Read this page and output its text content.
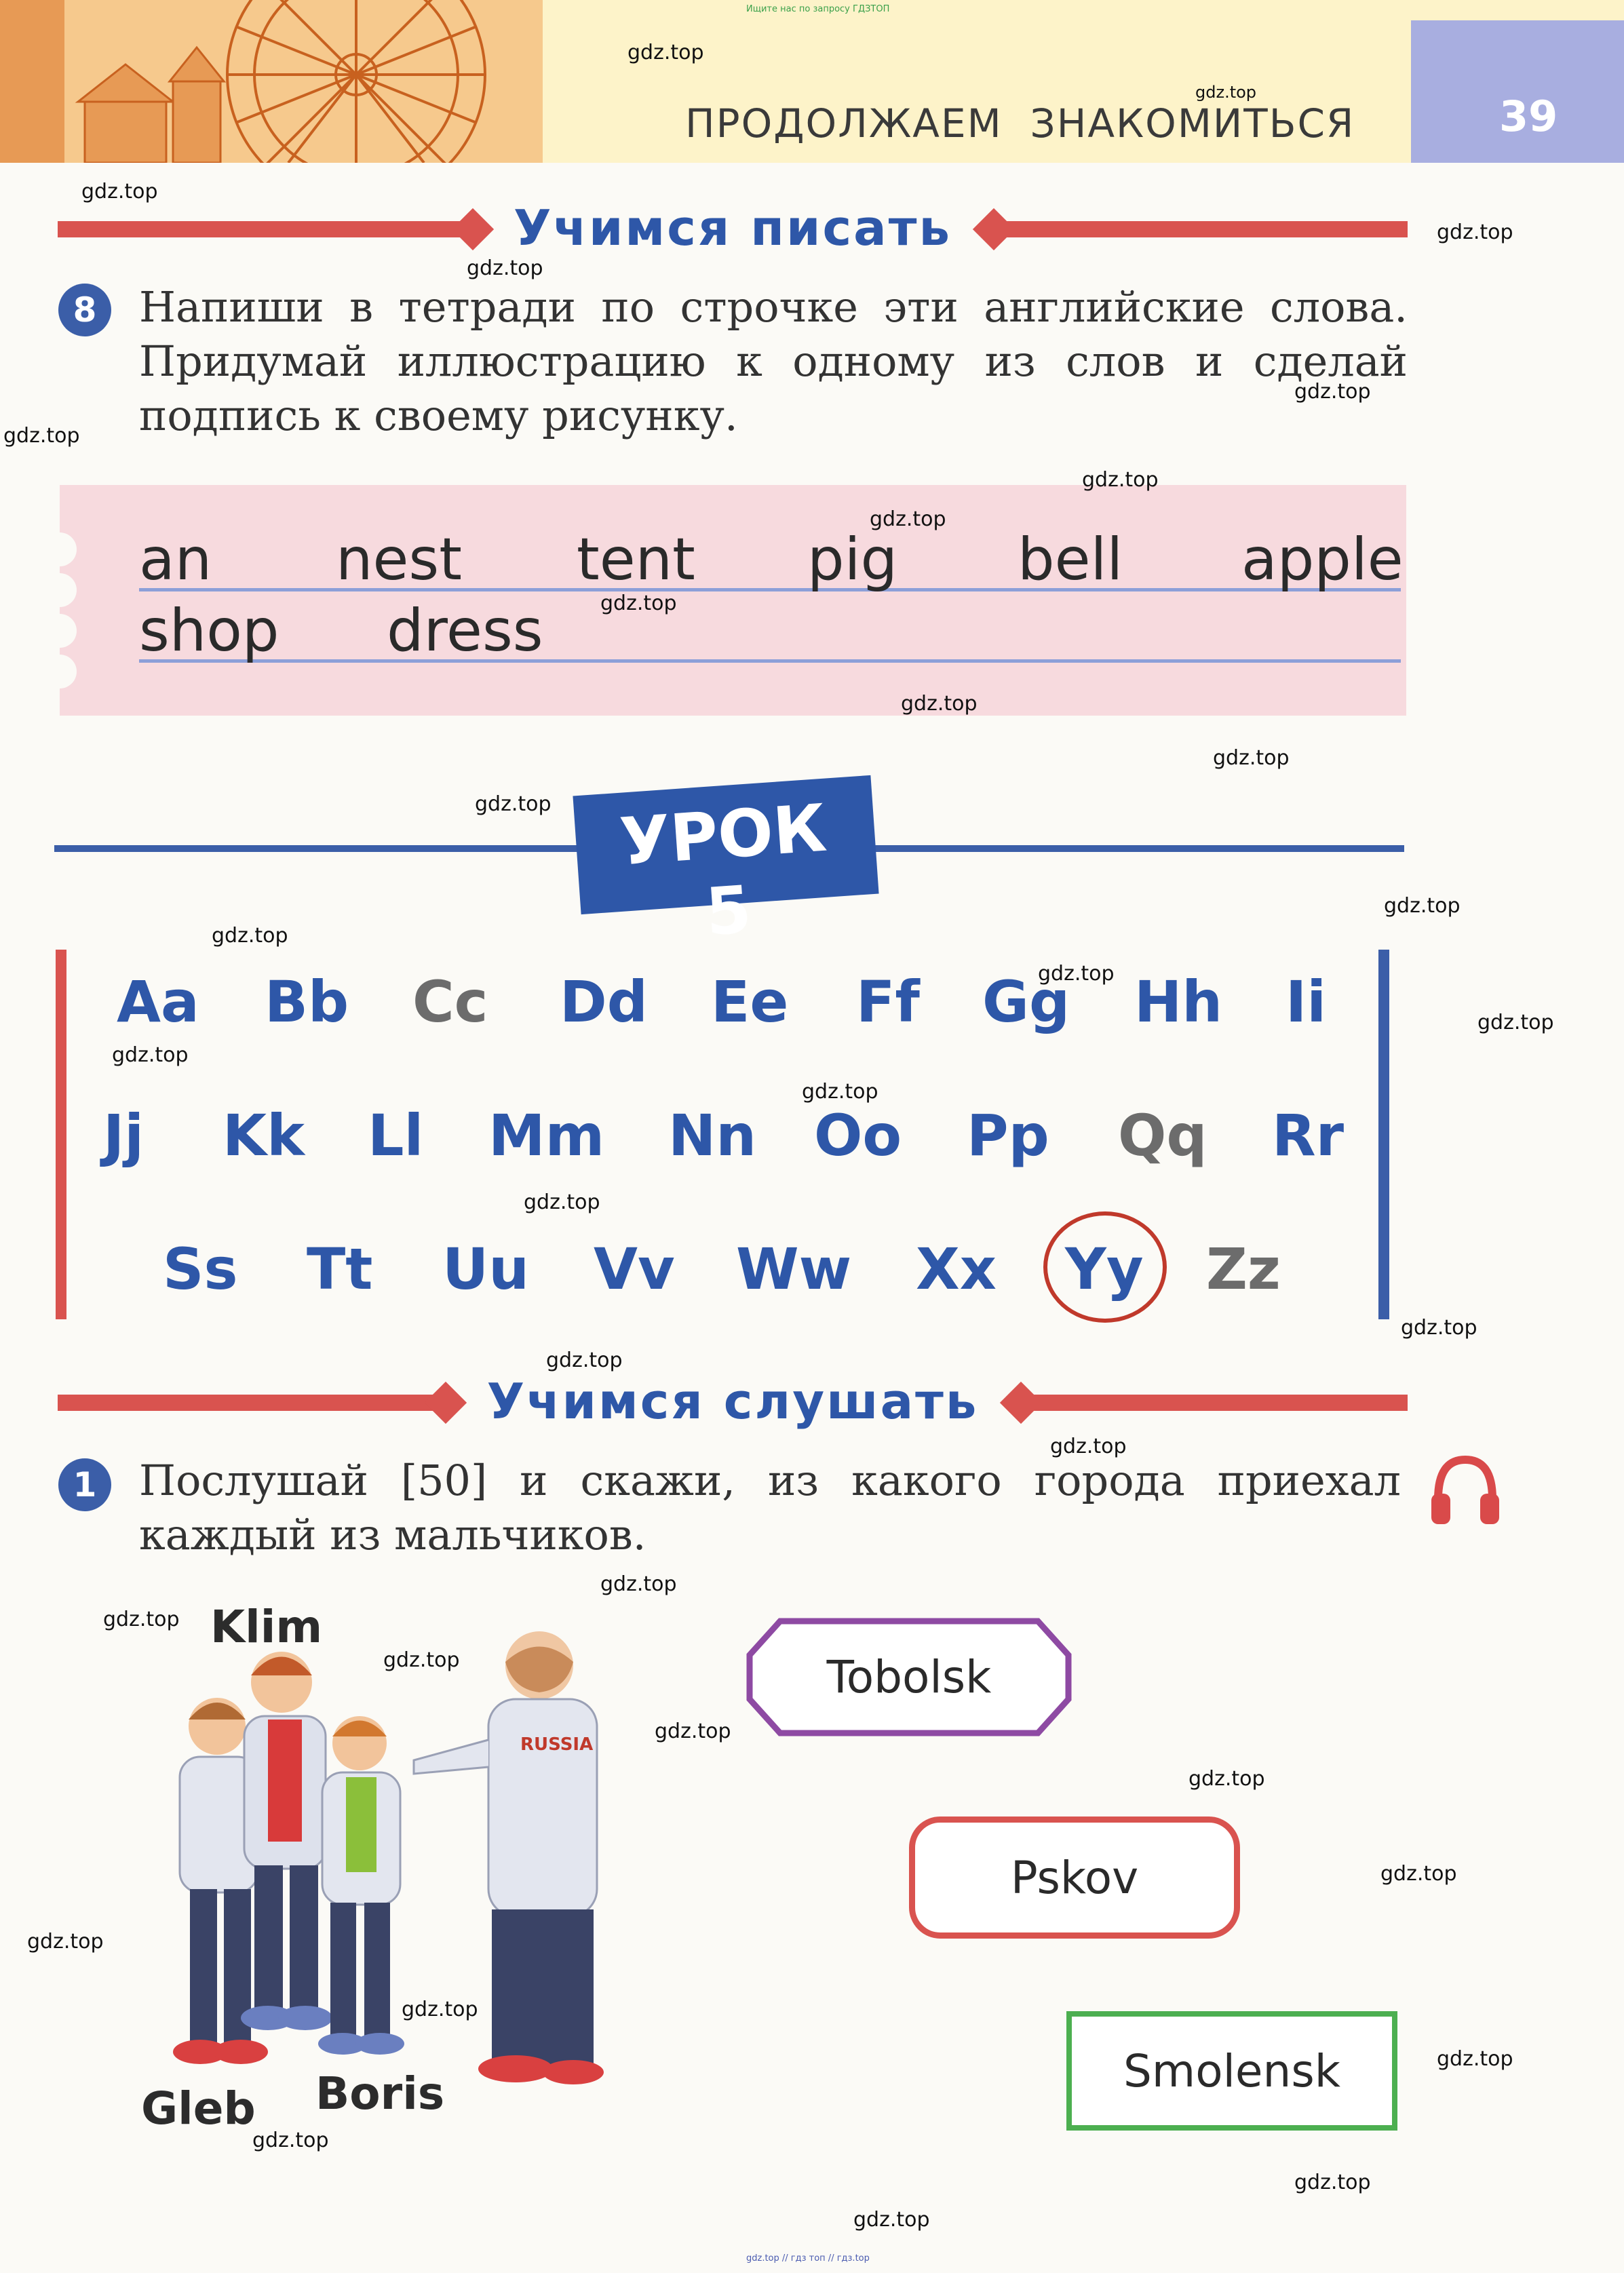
Ищите нас по запросу ГДЗТОП
ПРОДОЛЖАЕМ  ЗНАКОМИТЬСЯ	39
Учимся писать
8	Напиши в тетради по строчке эти английские слова. Придумай иллюстрацию к одному из слов и сделай подпись к своему рисунку.
an nest tent pig bell apple
shop dress
УРОК 5
Aa Bb Cc Dd Ee Ff Gg Hh Ii
Jj Kk Ll Mm Nn Oo Pp Qq Rr
Ss Tt Uu Vv Ww Xx Yy Zz
Учимся слушать
1	Послушай [50] и скажи, из какого города приехал каждый из мальчиков.
RUSSIA
Klim
Gleb Boris
Tobolsk
Pskov
Smolensk
gdz.top
gdz.top
gdz.top
gdz.top
gdz.top
gdz.top
gdz.top
gdz.top
gdz.top
gdz.top
gdz.top
gdz.top
gdz.top
gdz.top
gdz.top
gdz.top
gdz.top
gdz.top
gdz.top
gdz.top
gdz.top
gdz.top
gdz.top
gdz.top
gdz.top
gdz.top
gdz.top
gdz.top
gdz.top
gdz.top
gdz.top
gdz.top
gdz.top
gdz.top
gdz.top
gdz.top // гдз топ // гдз.top
